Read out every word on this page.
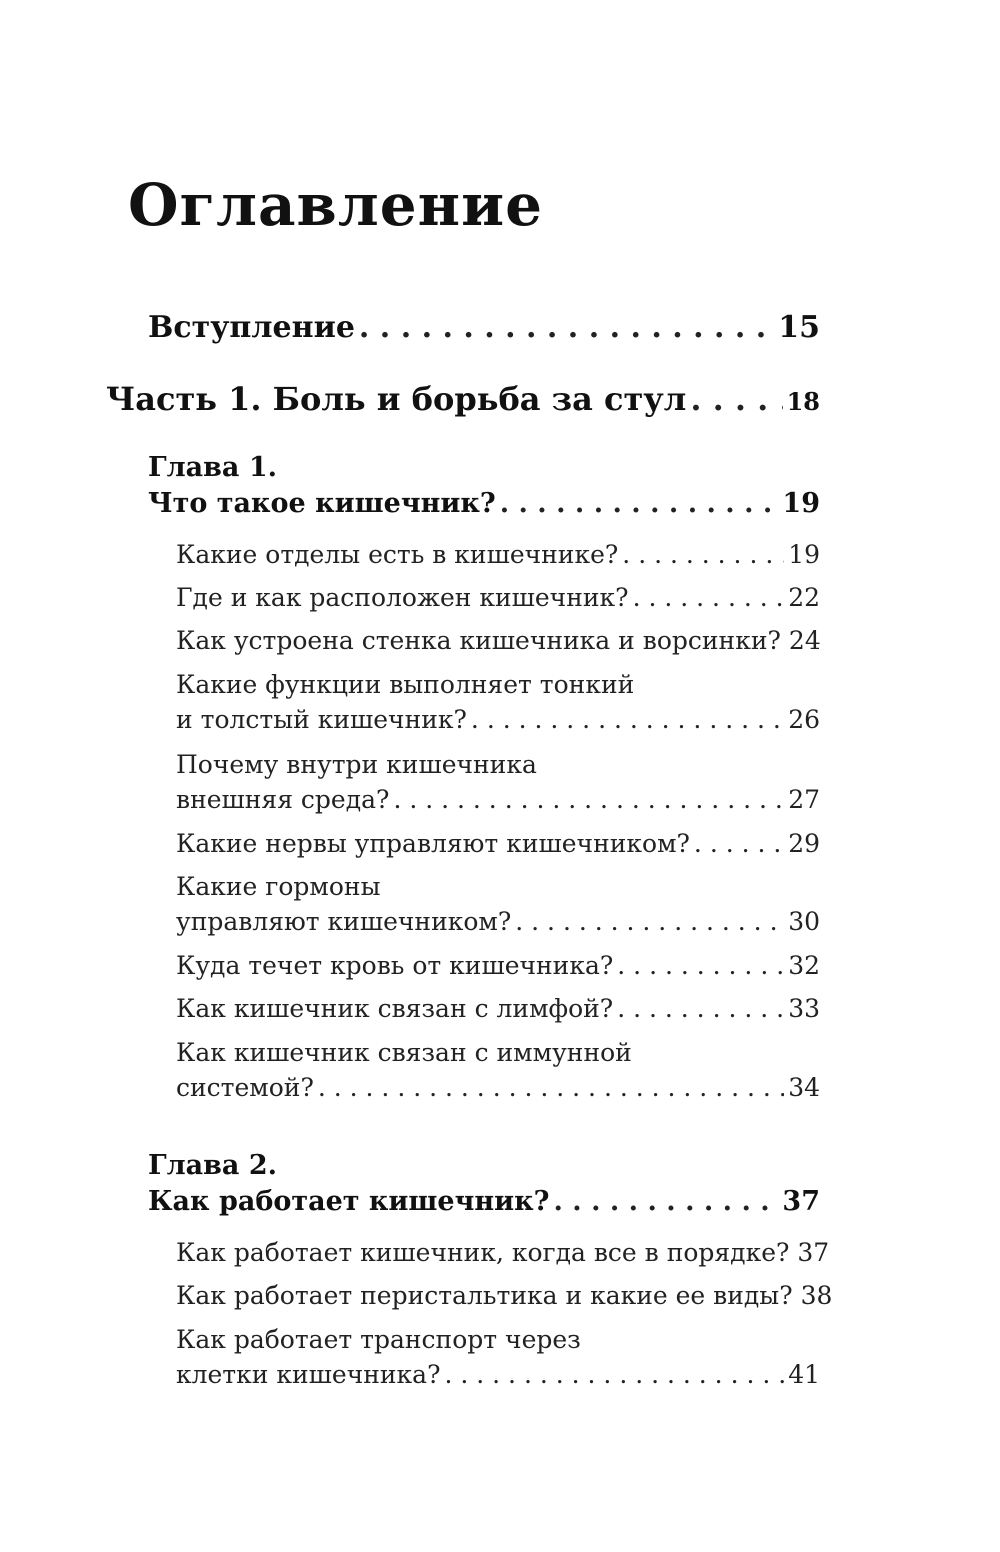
Оглавление
Вступление . . .	15
Часть 1. Боль и борьба за стул . . .	18
Глава 1.
Что такое кишечник? . . .	19
Какие отделы есть в кишечнике? . . .	19
Где и как расположен кишечник? . . .	22
Как устроена стенка кишечника и ворсинки? 24
Какие функции выполняет тонкий
и толстый кишечник? . . .	26
Почему внутри кишечника
внешняя среда? . . .	27
Какие нервы управляют кишечником? . . .	29
Какие гормоны
управляют кишечником? . . .	30
Куда течет кровь от кишечника? . . .	32
Как кишечник связан с лимфой? . . .	33
Как кишечник связан с иммунной
системой? . . .	34
Глава 2.
Как работает кишечник? . . .	37
Как работает кишечник, когда все в порядке? 37
Как работает перистальтика и какие ее виды? 38
Как работает транспорт через
клетки кишечника? . . .	41
